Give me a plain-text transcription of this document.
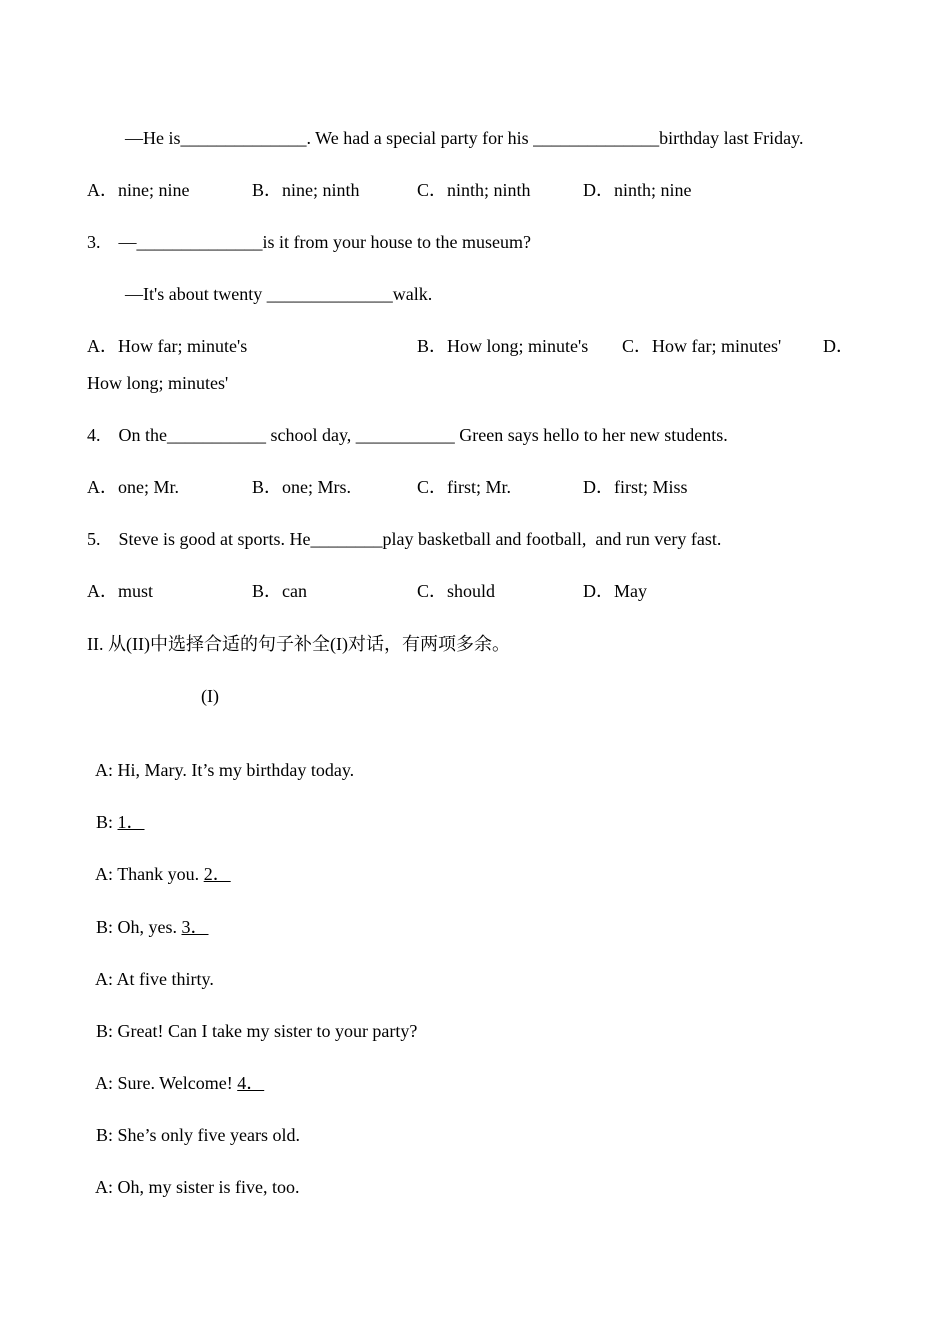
—He is______________. We had a special party for his ______________birthday last Friday.
A．nine; nine	B．nine; ninth	C．ninth; ninth	D．ninth; nine
3.　—______________is it from your house to the museum?
—It's about twenty ______________walk.
A．How far; minute's	B．How long; minute's C．How far; minutes' D．
How long; minutes'
4.　On the___________ school day, ___________ Green says hello to her new students.
A．one; Mr.	B．one; Mrs.	C．first; Mr.	D．first; Miss
5.　Steve is good at sports. He________play basketball and football,  and run very fast.
A．must	B．can	C．should	D．May
II. 从(II)中选择合适的句子补全(I)对话，有两项多余。
(I)

A: Hi, Mary. It’s my birthday today.

B: 1．

A: Thank you. 2．

B: Oh, yes. 3．

A: At five thirty.

B: Great! Can I take my sister to your party?

A: Sure. Welcome! 4．

B: She’s only five years old.

A: Oh, my sister is five, too.
